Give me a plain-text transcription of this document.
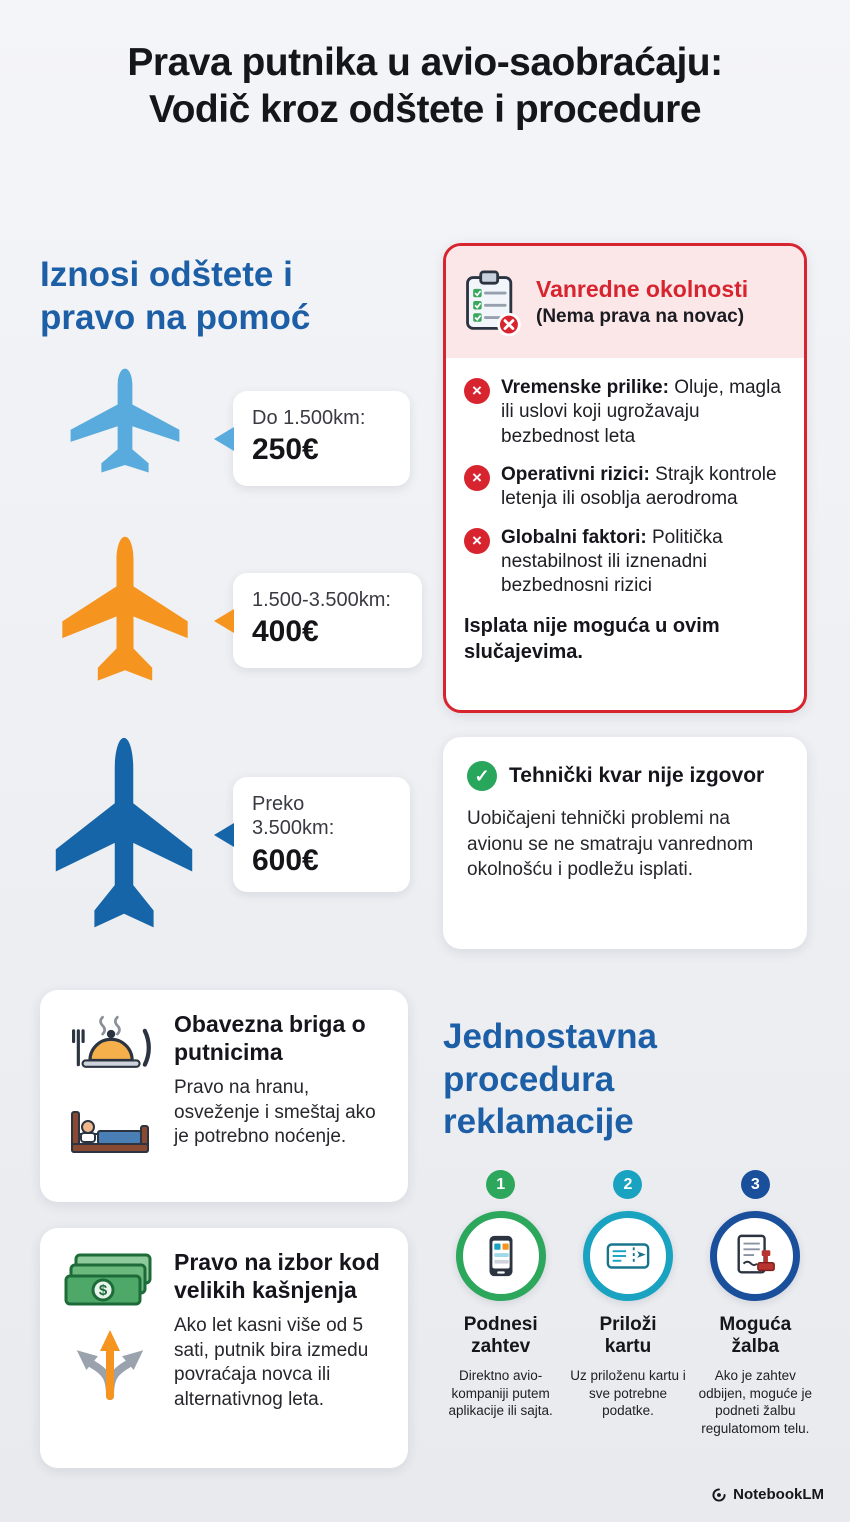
Prava putnika u avio-saobraćaju:
Vodič kroz odštete i procedure
Iznosi odštete i
pravo na pomoć
Do 1.500km:
250€
1.500-3.500km:
400€
Preko
3.500km:
600€
Vanredne okolnosti
(Nema prava na novac)
×	Vremenske prilike: Oluje, magla ili uslovi koji ugrožavaju bezbednost leta

×	Operativni rizici: Strajk kontrole letenja ili osoblja aerodroma

×	Globalni faktori: Politička nestabilnost ili iznenadni bezbednosni rizici

Isplata nije moguća u ovim slučajevima.

✓ Tehnički kvar nije izgovor

Uobičajeni tehnički problemi na avionu se ne smatraju vanrednom okolnošću i podležu isplati.

Obavezna briga o putnicima

Pravo na hranu, osveženje i smeštaj ako je potrebno noćenje.

$
Pravo na izbor kod velikih kašnjenja

Ako let kasni više od 5 sati, putnik bira izmedu povraćaja novca ili alternativnog leta.

Jednostavna
procedura
reklamacije
1
Podnesi zahtev

Direktno avio-kompaniji putem aplikacije ili sajta.

2
Priloži kartu

Uz priloženu kartu i sve potrebne podatke.

3
Moguća žalba

Ako je zahtev odbijen, moguće je podneti žalbu regulatomom telu.

NotebookLM
